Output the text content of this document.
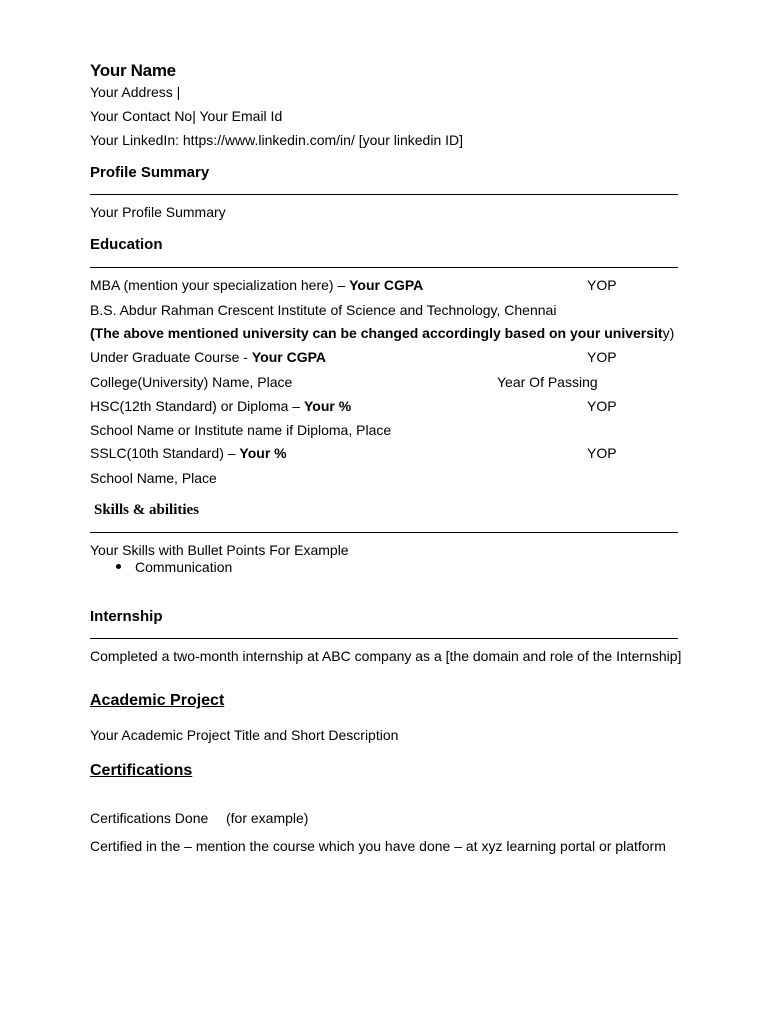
Your Name
Your Address |
Your Contact No| Your Email Id
Your LinkedIn: https://www.linkedin.com/in/ [your linkedin ID]
Profile Summary
Your Profile Summary
Education
MBA (mention your specialization here) – Your CGPA	YOP
B.S. Abdur Rahman Crescent Institute of Science and Technology, Chennai
(The above mentioned university can be changed accordingly based on your university)
Under Graduate Course - Your CGPA	YOP
College(University) Name, Place	Year Of Passing
HSC(12th Standard) or Diploma – Your %	YOP
School Name or Institute name if Diploma, Place
SSLC(10th Standard) – Your %	YOP
School Name, Place
Skills & abilities
Your Skills with Bullet Points For Example
Communication
Internship
Completed a two-month internship at ABC company as a [the domain and role of the Internship]
Academic Project
Your Academic Project Title and Short Description
Certifications
Certifications Done (for example)
Certified in the – mention the course which you have done – at xyz learning portal or platform
